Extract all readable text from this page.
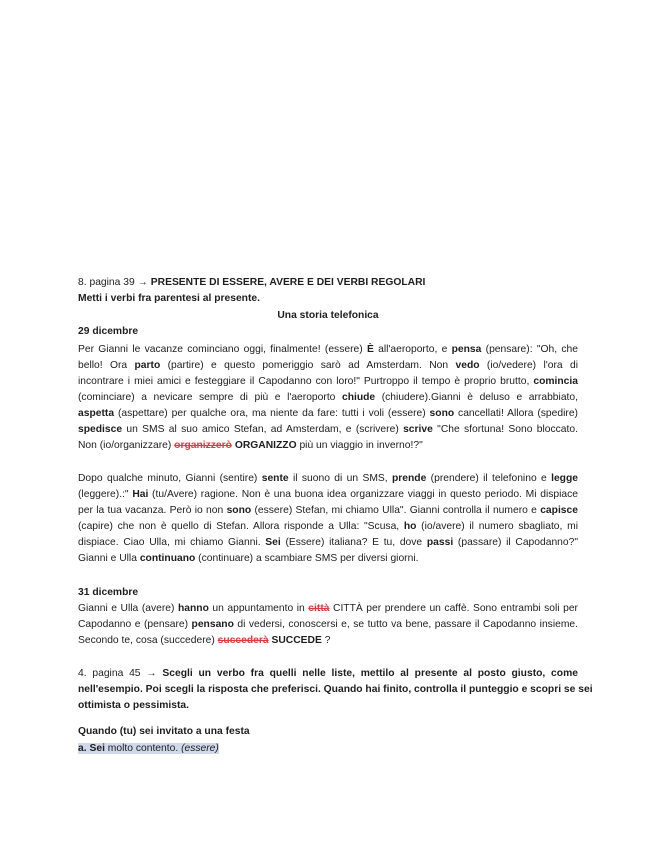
8. pagina 39 → PRESENTE DI ESSERE, AVERE E DEI VERBI REGOLARI
Metti i verbi fra parentesi al presente.
Una storia telefonica
29 dicembre
Per Gianni le vacanze cominciano oggi, finalmente! (essere) È all'aeroporto, e pensa (pensare): "Oh, che
bello! Ora parto (partire) e questo pomeriggio sarò ad Amsterdam. Non vedo (io/vedere) l'ora di
incontrare i miei amici e festeggiare il Capodanno con loro!" Purtroppo il tempo è proprio brutto, comincia
(cominciare) a nevicare sempre di più e l'aeroporto chiude (chiudere).Gianni è deluso e arrabbiato,
aspetta (aspettare) per qualche ora, ma niente da fare: tutti i voli (essere) sono cancellati! Allora (spedire)
spedisce un SMS al suo amico Stefan, ad Amsterdam, e (scrivere) scrive "Che sfortuna! Sono bloccato.
Non (io/organizzare) organizzerò ORGANIZZO più un viaggio in inverno!?"
Dopo qualche minuto, Gianni (sentire) sente il suono di un SMS, prende (prendere) il telefonino e legge
(leggere).:" Hai (tu/Avere) ragione. Non è una buona idea organizzare viaggi in questo periodo. Mi dispiace
per la tua vacanza. Però io non sono (essere) Stefan, mi chiamo Ulla". Gianni controlla il numero e capisce
(capire) che non è quello di Stefan. Allora risponde a Ulla: "Scusa, ho (io/avere) il numero sbagliato, mi
dispiace. Ciao Ulla, mi chiamo Gianni. Sei (Essere) italiana? E tu, dove passi (passare) il Capodanno?"
Gianni e Ulla continuano (continuare) a scambiare SMS per diversi giorni.
31 dicembre
Gianni e Ulla (avere) hanno un appuntamento in città CITTÀ per prendere un caffè. Sono entrambi soli per
Capodanno e (pensare) pensano di vedersi, conoscersi e, se tutto va bene, passare il Capodanno insieme.
Secondo te, cosa (succedere) succederà SUCCEDE ?
4. pagina 45 → Scegli un verbo fra quelli nelle liste, mettilo al presente al posto giusto, come
nell'esempio. Poi scegli la risposta che preferisci. Quando hai finito, controlla il punteggio e scopri se sei
ottimista o pessimista.
Quando (tu) sei invitato a una festa
a. Sei molto contento. (essere)
